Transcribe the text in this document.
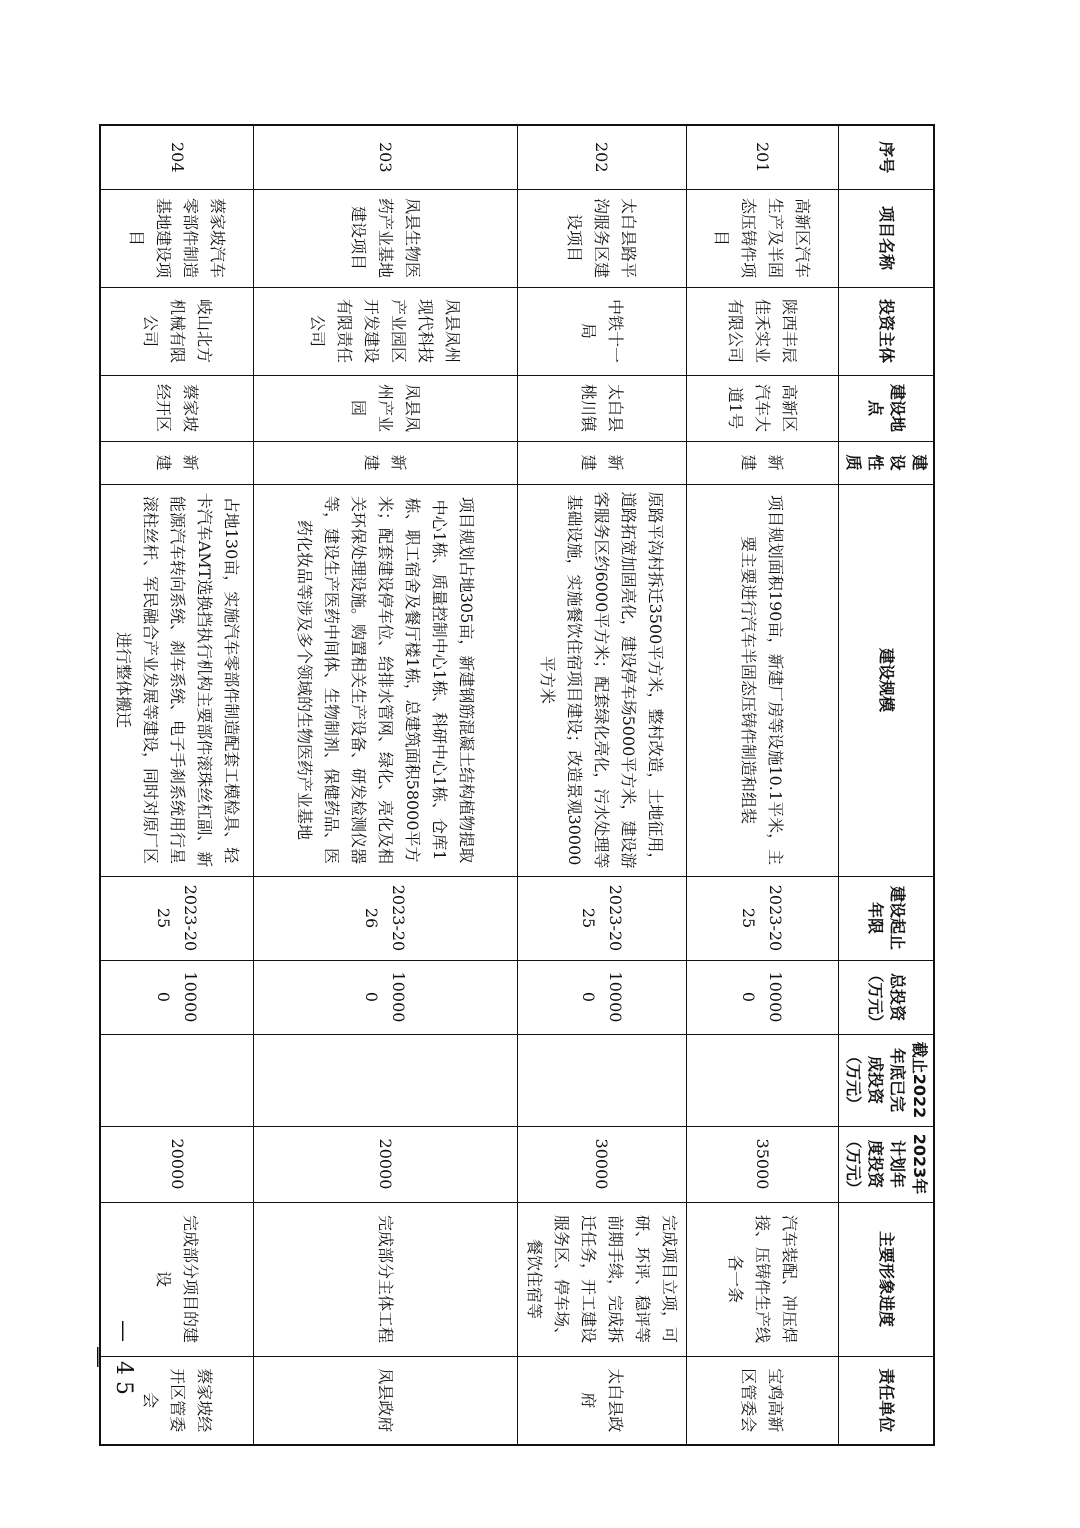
序号	项目名称	投资主体	建设地点	建设性质	建设规模	建设起止年限	总投资（万元）	截止2022年底已完成投资（万元）	2023年计划年度投资（万元）	主要形象进度	责任单位
201	高新区汽车生产及半固态压铸件项目	陕西丰辰佳禾实业有限公司	高新区汽车大道1号	新建	项目规划面积190亩，新建厂房等设施10.1平米，主要主要进行汽车半固态压铸件制造和组装	2023-2025	100000		35000	汽车装配、冲压焊接、压铸件生产线各一条	宝鸡高新区管委会
202	太白县路平沟服务区建设项目	中铁十一局	太白县桃川镇	新建	原路平沟村拆迁3500平方米，整村改造，土地征用，道路拓宽加固亮化，建设停车场5000平方米，建设游客服务区约6000平方米；配套绿化亮化，污水处理等基础设施，实施餐饮住宿项目建设；改造景观30000平方米	2023-2025	100000		30000	完成项目立项，可研、环评、稳评等前期手续，完成拆迁任务，开工建设服务区、停车场、餐饮住宿等	太白县政府
203	凤县生物医药产业基地建设项目	凤县凤州现代科技产业园区开发建设有限责任公司	凤县凤州产业园	新建	项目规划占地305亩，新建钢筋混凝土结构植物提取中心1栋、质量控制中心1栋、科研中心1栋、仓库1栋、职工宿舍及餐厅楼1栋，总建筑面积58000平方米；配套建设停车位、给排水管网、绿化、亮化及相关环保处理设施。购置相关生产设备、研发检测仪器等，建设生产医药中间体、生物制剂、保健药品、医药化妆品等涉及多个领域的生物医药产业基地	2023-2026	100000		20000	完成部分主体工程	凤县政府
204	蔡家坡汽车零部件制造基地建设项目	岐山北方机械有限公司	蔡家坡经开区	新建	占地130亩，实施汽车零部件制造配套工模检具、轻卡汽车AMT选换挡执行机构主要部件滚珠丝杠副、新能源汽车转向系统、刹车系统、电子手刹系统用行星滚柱丝杆、军民融合产业发展等建设，同时对原厂区进行整体搬迁	2023-2025	100000		20000	完成部分项目的建设	蔡家坡经开区管委会
— 45 —
